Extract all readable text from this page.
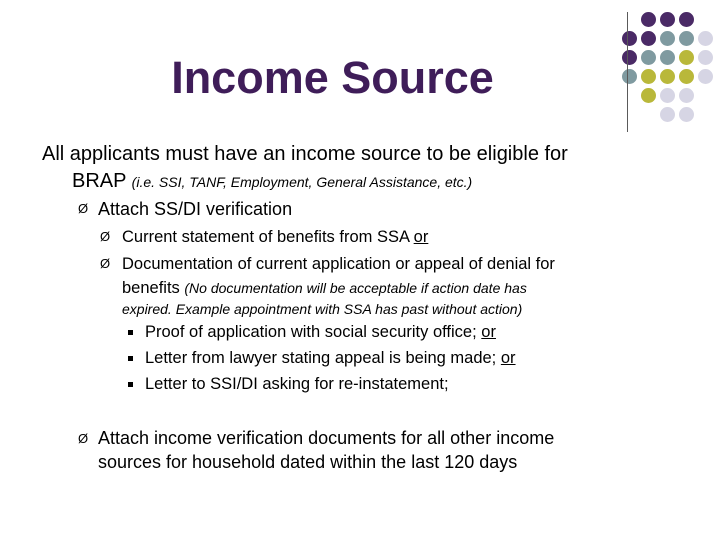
Income Source
All applicants must have an income source to be eligible for
BRAP (i.e. SSI, TANF, Employment, General Assistance, etc.)
Ø Attach SS/DI verification
Ø Current statement of benefits from SSA or
Ø Documentation of current application or appeal of denial for
benefits (No documentation will be acceptable if action date has
expired. Example appointment with SSA has past without action)
Proof of application with social security office; or
Letter from lawyer stating appeal is being made; or
Letter to SSI/DI asking for re-instatement;
Ø Attach income verification documents for all other income
sources for household dated within the last 120 days
